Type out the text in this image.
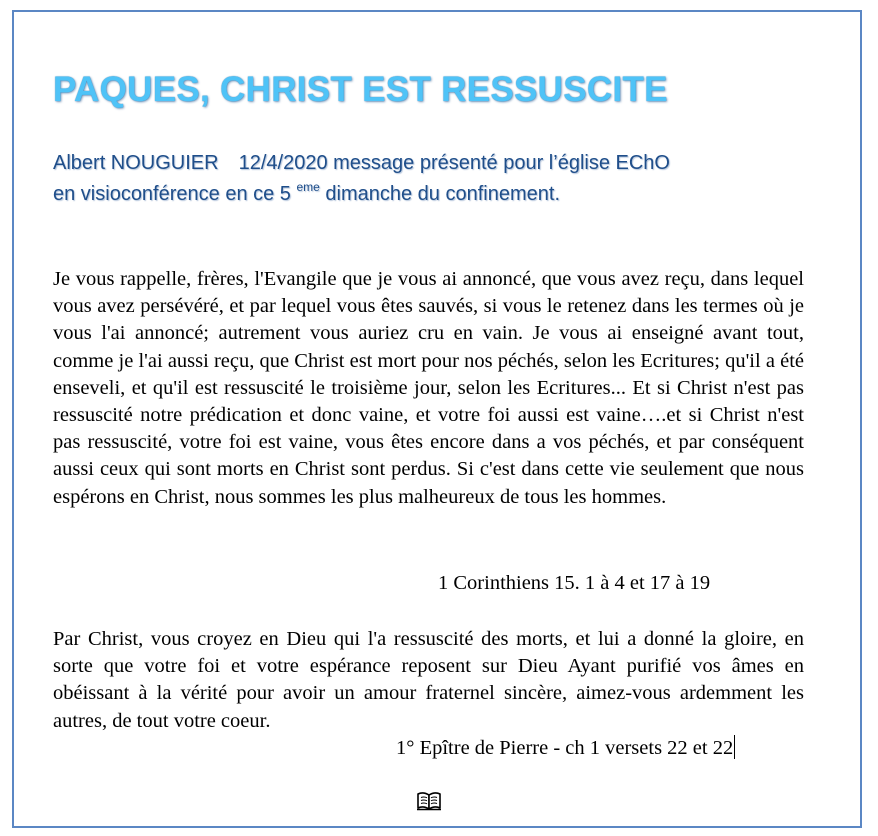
PAQUES, CHRIST EST RESSUSCITE

Albert NOUGUIER 12/4/2020 message présenté pour l’église EChO
en visioconférence en ce 5 $^{eme}$ dimanche du confinement.

Je vous rappelle, frères, l'Evangile que je vous ai annoncé, que vous avez reçu, dans lequel vous avez persévéré, et par lequel vous êtes sauvés, si vous le retenez dans les termes où je vous l'ai annoncé; autrement vous auriez cru en vain. Je vous ai enseigné avant tout, comme je l'ai aussi reçu, que Christ est mort pour nos péchés, selon les Ecritures; qu'il a été enseveli, et qu'il est ressuscité le troisième jour, selon les Ecritures... Et si Christ n'est pas ressuscité notre prédication et donc vaine, et votre foi aussi est vaine….et si Christ n'est pas ressuscité, votre foi est vaine, vous êtes encore dans a vos péchés, et par conséquent aussi ceux qui sont morts en Christ sont perdus. Si c'est dans cette vie seulement que nous espérons en Christ, nous sommes les plus malheureux de tous les hommes.

1 Corinthiens 15. 1 à 4 et 17 à 19

Par Christ, vous croyez en Dieu qui l'a ressuscité des morts, et lui a donné la gloire, en sorte que votre foi et votre espérance reposent sur Dieu Ayant purifié vos âmes en obéissant à la vérité pour avoir un amour fraternel sincère, aimez-vous ardemment les autres, de tout votre coeur.

1° Epître de Pierre - ch 1 versets 22 et 22
